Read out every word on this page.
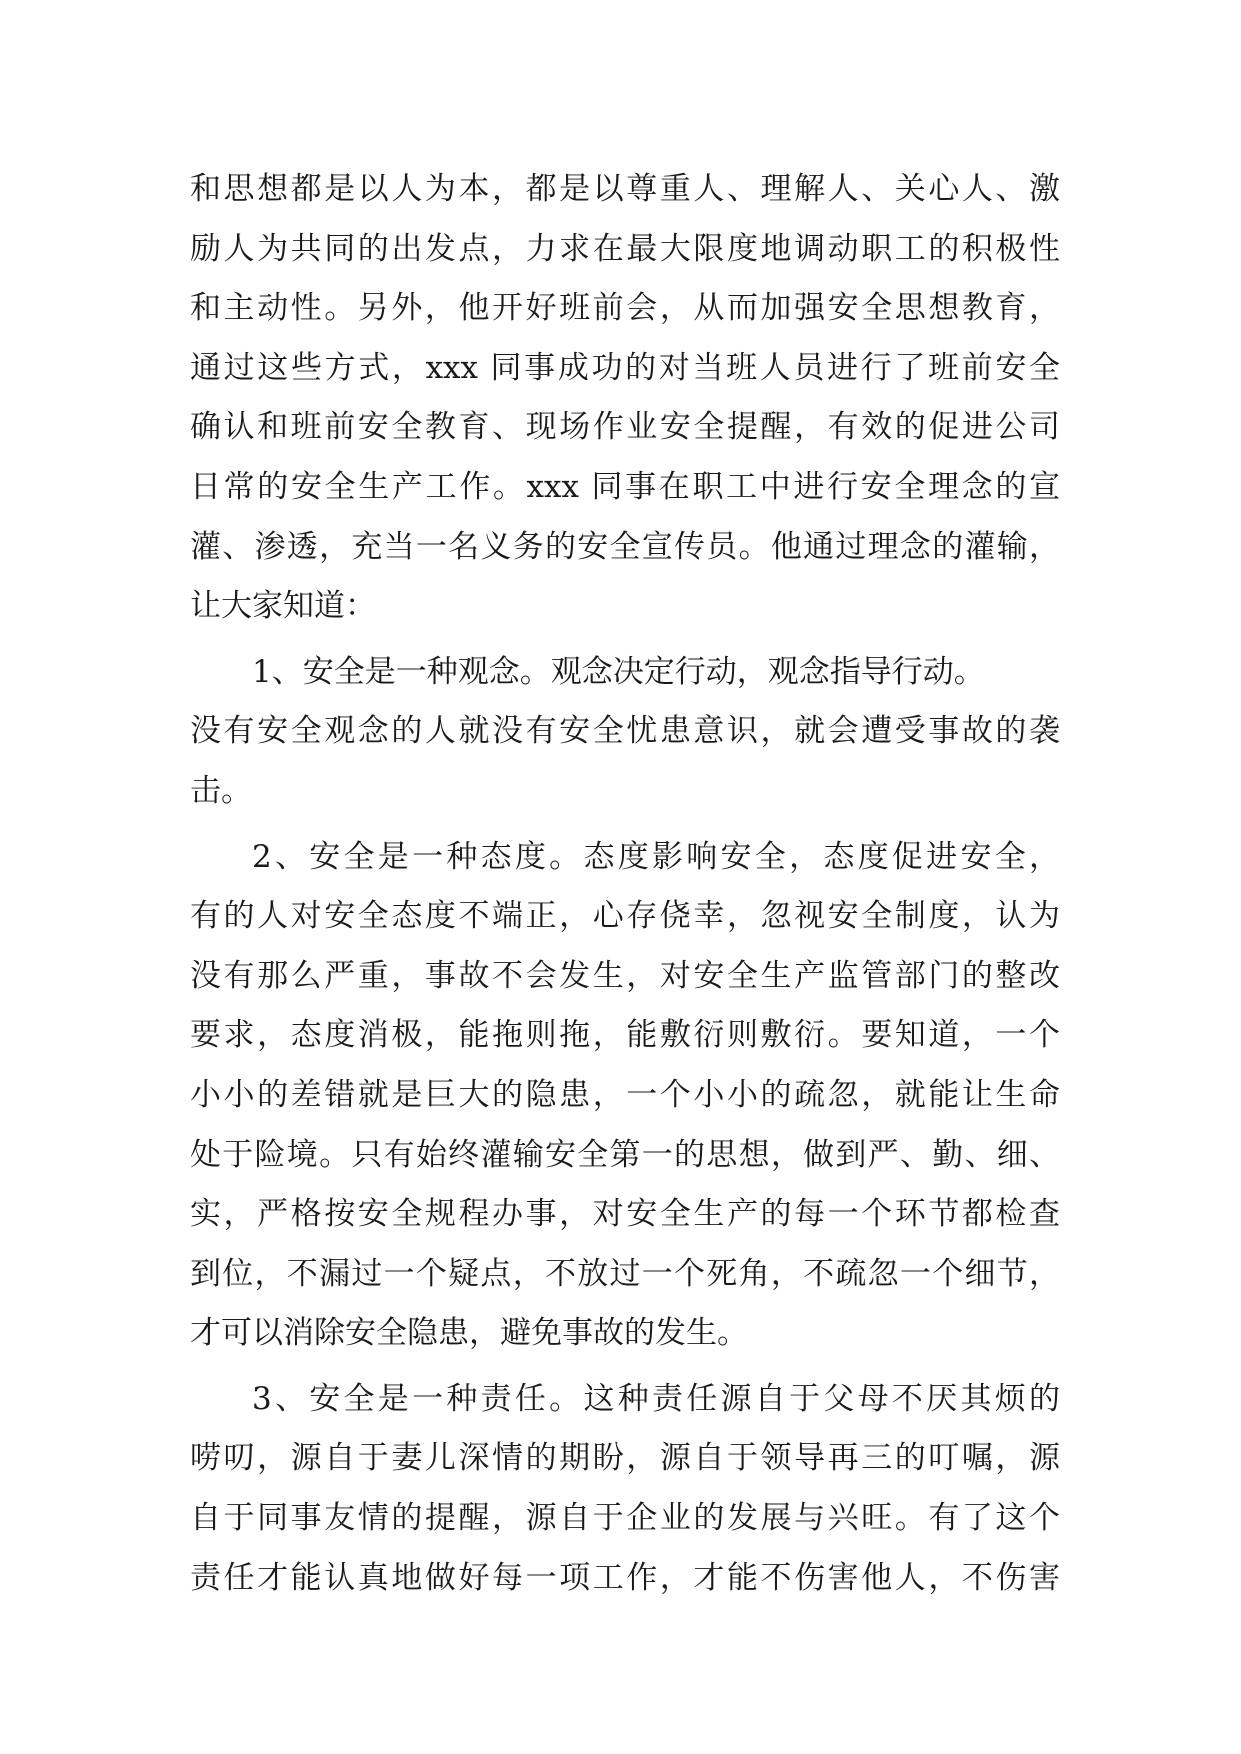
和思想都是以人为本，都是以尊重人、理解人、关心人、激
励人为共同的出发点，力求在最大限度地调动职工的积极性
和主动性。另外，他开好班前会，从而加强安全思想教育，
通过这些方式，xxx 同事成功的对当班人员进行了班前安全
确认和班前安全教育、现场作业安全提醒，有效的促进公司
日常的安全生产工作。xxx 同事在职工中进行安全理念的宣
灌、渗透，充当一名义务的安全宣传员。他通过理念的灌输，
让大家知道：
1、安全是一种观念。观念决定行动，观念指导行动。
没有安全观念的人就没有安全忧患意识，就会遭受事故的袭
击。
2、安全是一种态度。态度影响安全，态度促进安全，
有的人对安全态度不端正，心存侥幸，忽视安全制度，认为
没有那么严重，事故不会发生，对安全生产监管部门的整改
要求，态度消极，能拖则拖，能敷衍则敷衍。要知道，一个
小小的差错就是巨大的隐患，一个小小的疏忽，就能让生命
处于险境。只有始终灌输安全第一的思想，做到严、勤、细、
实，严格按安全规程办事，对安全生产的每一个环节都检查
到位，不漏过一个疑点，不放过一个死角，不疏忽一个细节，
才可以消除安全隐患，避免事故的发生。
3、安全是一种责任。这种责任源自于父母不厌其烦的
唠叨，源自于妻儿深情的期盼，源自于领导再三的叮嘱，源
自于同事友情的提醒，源自于企业的发展与兴旺。有了这个
责任才能认真地做好每一项工作，才能不伤害他人，不伤害
